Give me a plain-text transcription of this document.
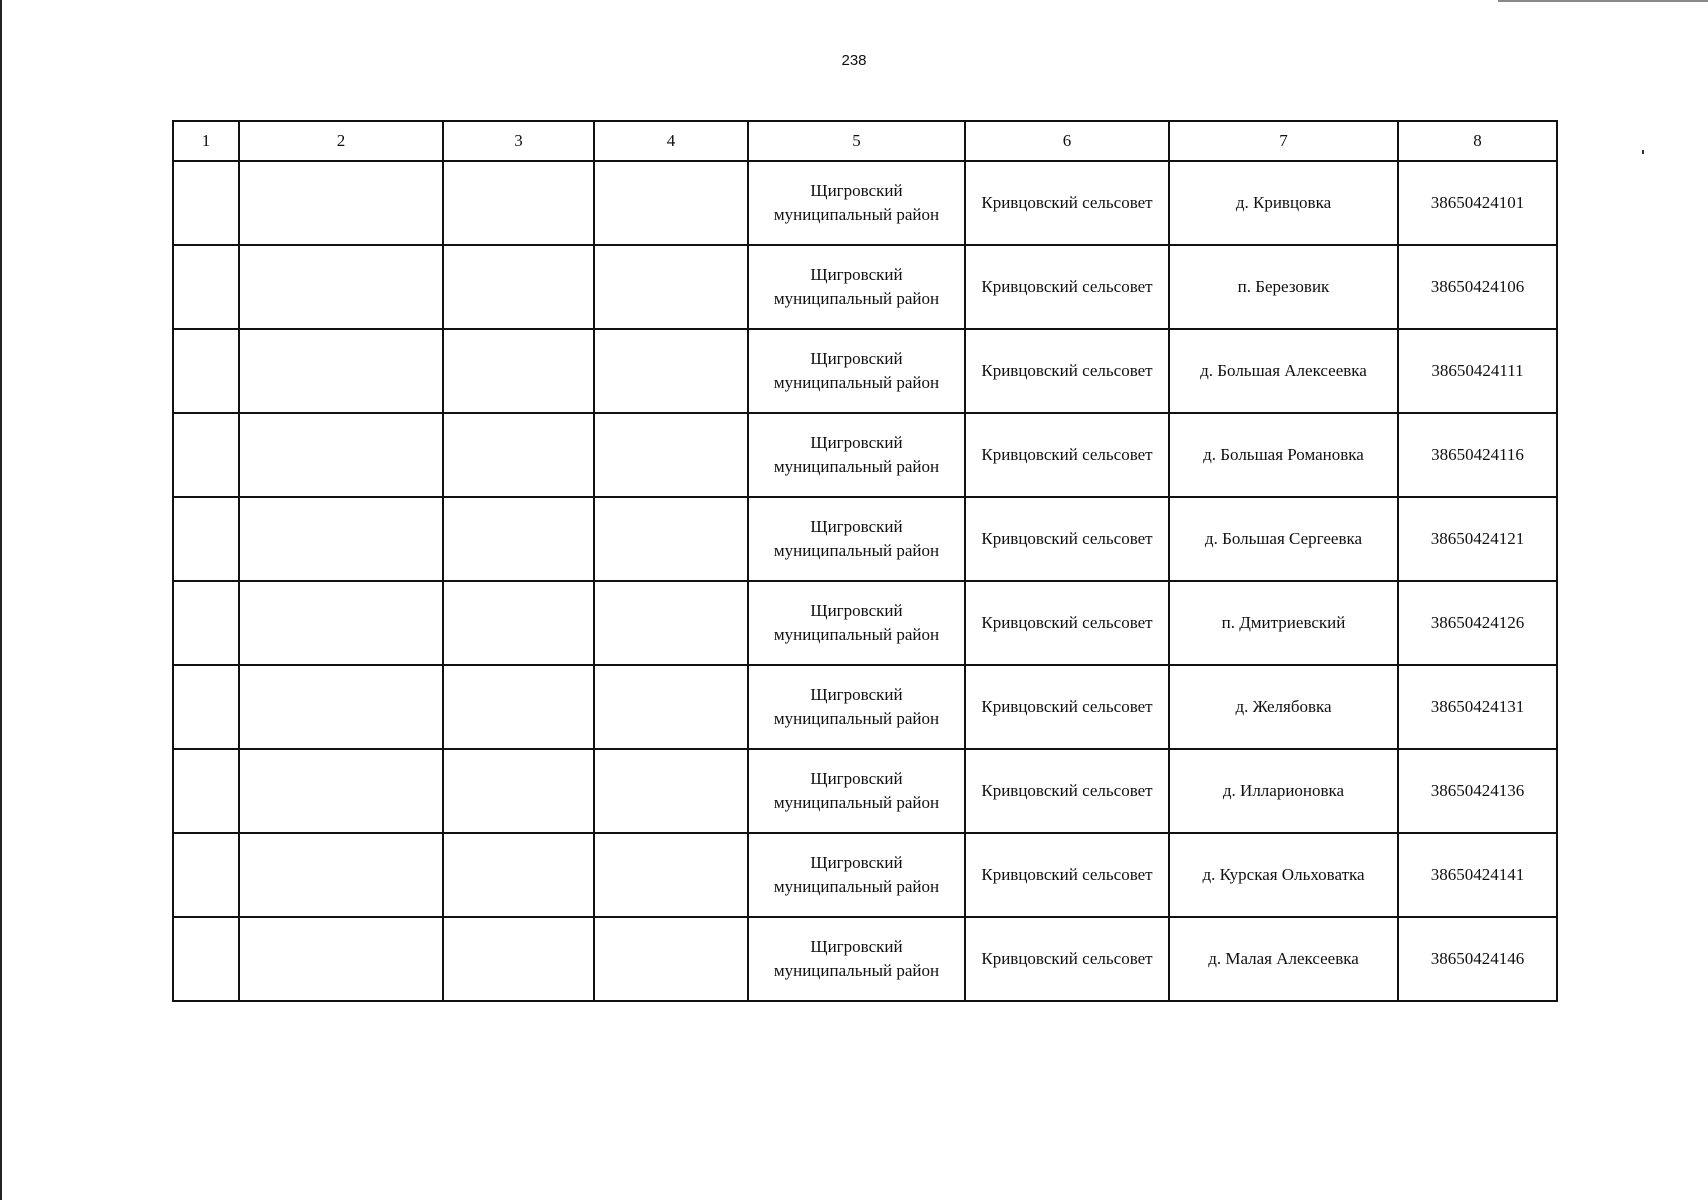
238
1	2	3	4	5	6	7	8

				Щигровский
муниципальный район	Кривцовский сельсовет	д. Кривцовка	38650424101

				Щигровский
муниципальный район	Кривцовский сельсовет	п. Березовик	38650424106

				Щигровский
муниципальный район	Кривцовский сельсовет	д. Большая Алексеевка	38650424111

				Щигровский
муниципальный район	Кривцовский сельсовет	д. Большая Романовка	38650424116

				Щигровский
муниципальный район	Кривцовский сельсовет	д. Большая Сергеевка	38650424121

				Щигровский
муниципальный район	Кривцовский сельсовет	п. Дмитриевский	38650424126

				Щигровский
муниципальный район	Кривцовский сельсовет	д. Желябовка	38650424131

				Щигровский
муниципальный район	Кривцовский сельсовет	д. Илларионовка	38650424136

				Щигровский
муниципальный район	Кривцовский сельсовет	д. Курская Ольховатка	38650424141

				Щигровский
муниципальный район	Кривцовский сельсовет	д. Малая Алексеевка	38650424146
